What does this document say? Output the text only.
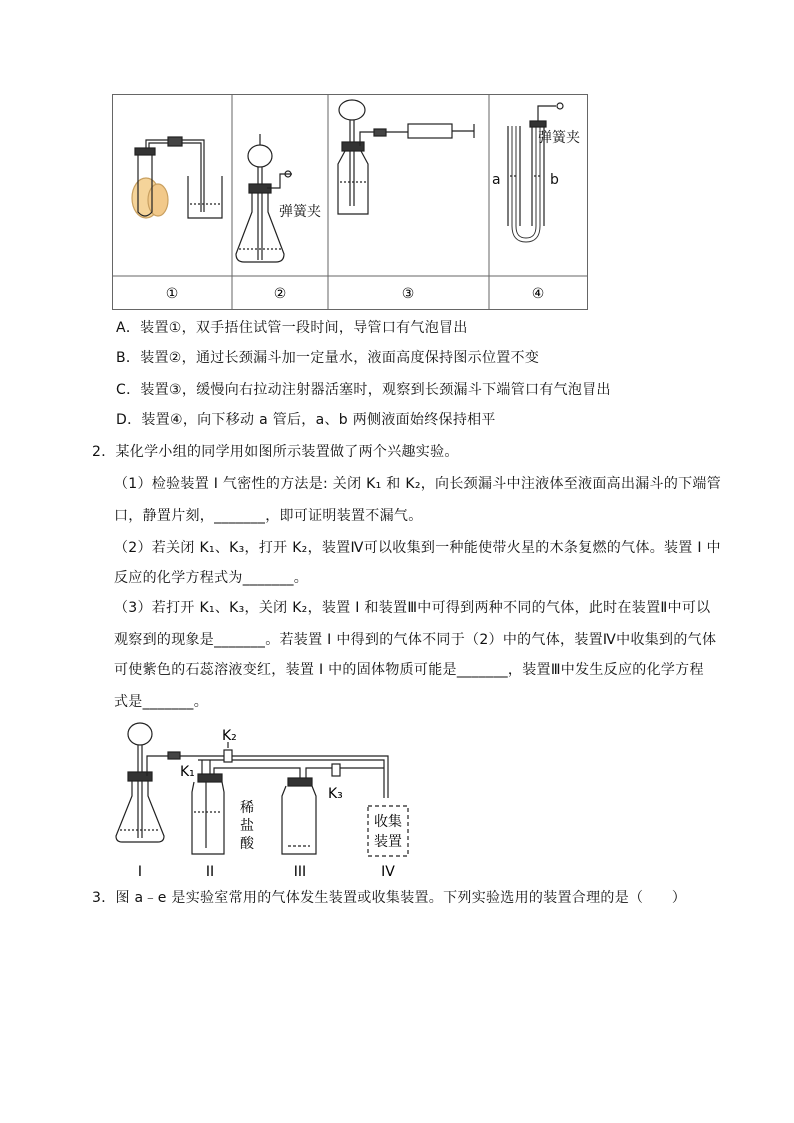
弹簧夹
a	b
弹簧夹
①	②	③	④
A．装置①，双手捂住试管一段时间，导管口有气泡冒出
B．装置②，通过长颈漏斗加一定量水，液面高度保持图示位置不变
C．装置③，缓慢向右拉动注射器活塞时，观察到长颈漏斗下端管口有气泡冒出
D．装置④，向下移动 a 管后，a、b 两侧液面始终保持相平
2．某化学小组的同学用如图所示装置做了两个兴趣实验。
（1）检验装置 I 气密性的方法是: 关闭 K₁ 和 K₂，向长颈漏斗中注液体至液面高出漏斗的下端管
口，静置片刻，_______，即可证明装置不漏气。
（2）若关闭 K₁、K₃，打开 K₂，装置Ⅳ可以收集到一种能使带火星的木条复燃的气体。装置 I 中
反应的化学方程式为_______。
（3）若打开 K₁、K₃，关闭 K₂，装置 I 和装置Ⅲ中可得到两种不同的气体，此时在装置Ⅱ中可以
观察到的现象是_______。若装置 I 中得到的气体不同于（2）中的气体，装置Ⅳ中收集到的气体
可使紫色的石蕊溶液变红，装置 I 中的固体物质可能是_______，装置Ⅲ中发生反应的化学方程
式是_______。
K₁
K₂
K₃
稀
盐
酸
收集
装置
I	II	III	IV
3．图 a﹣e 是实验室常用的气体发生装置或收集装置。下列实验选用的装置合理的是（　　）
